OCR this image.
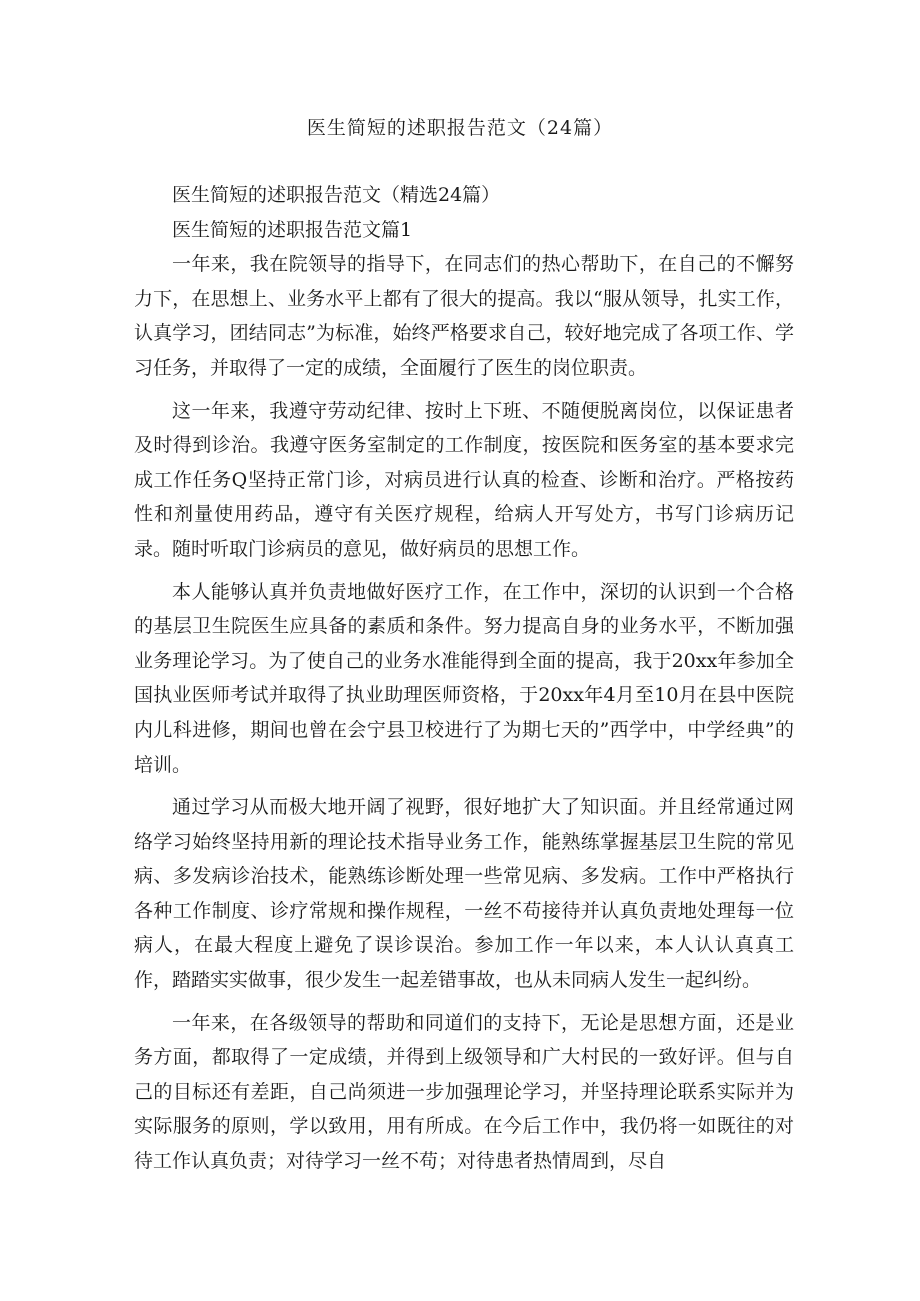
医生简短的述职报告范文（24篇）

医生简短的述职报告范文（精选24篇）

医生简短的述职报告范文篇1

一年来，我在院领导的指导下，在同志们的热心帮助下，在自己的不懈努力下，在思想上、业务水平上都有了很大的提高。我以“服从领导，扎实工作，认真学习，团结同志”为标准，始终严格要求自己，较好地完成了各项工作、学习任务，并取得了一定的成绩，全面履行了医生的岗位职责。

这一年来，我遵守劳动纪律、按时上下班、不随便脱离岗位，以保证患者及时得到诊治。我遵守医务室制定的工作制度，按医院和医务室的基本要求完成工作任务Q坚持正常门诊，对病员进行认真的检查、诊断和治疗。严格按药性和剂量使用药品，遵守有关医疗规程，给病人开写处方，书写门诊病历记录。随时听取门诊病员的意见，做好病员的思想工作。

本人能够认真并负责地做好医疗工作，在工作中，深切的认识到一个合格的基层卫生院医生应具备的素质和条件。努力提高自身的业务水平，不断加强业务理论学习。为了使自己的业务水准能得到全面的提高，我于20xx年参加全国执业医师考试并取得了执业助理医师资格，于20xx年4月至10月在县中医院内儿科进修，期间也曾在会宁县卫校进行了为期七天的”西学中，中学经典”的培训。

通过学习从而极大地开阔了视野，很好地扩大了知识面。并且经常通过网络学习始终坚持用新的理论技术指导业务工作，能熟练掌握基层卫生院的常见病、多发病诊治技术，能熟练诊断处理一些常见病、多发病。工作中严格执行各种工作制度、诊疗常规和操作规程，一丝不苟接待并认真负责地处理每一位病人，在最大程度上避免了误诊误治。参加工作一年以来，本人认认真真工作，踏踏实实做事，很少发生一起差错事故，也从未同病人发生一起纠纷。

一年来，在各级领导的帮助和同道们的支持下，无论是思想方面，还是业务方面，都取得了一定成绩，并得到上级领导和广大村民的一致好评。但与自己的目标还有差距，自己尚须进一步加强理论学习，并坚持理论联系实际并为实际服务的原则，学以致用，用有所成。在今后工作中，我仍将一如既往的对待工作认真负责；对待学习一丝不苟；对待患者热情周到，尽自
